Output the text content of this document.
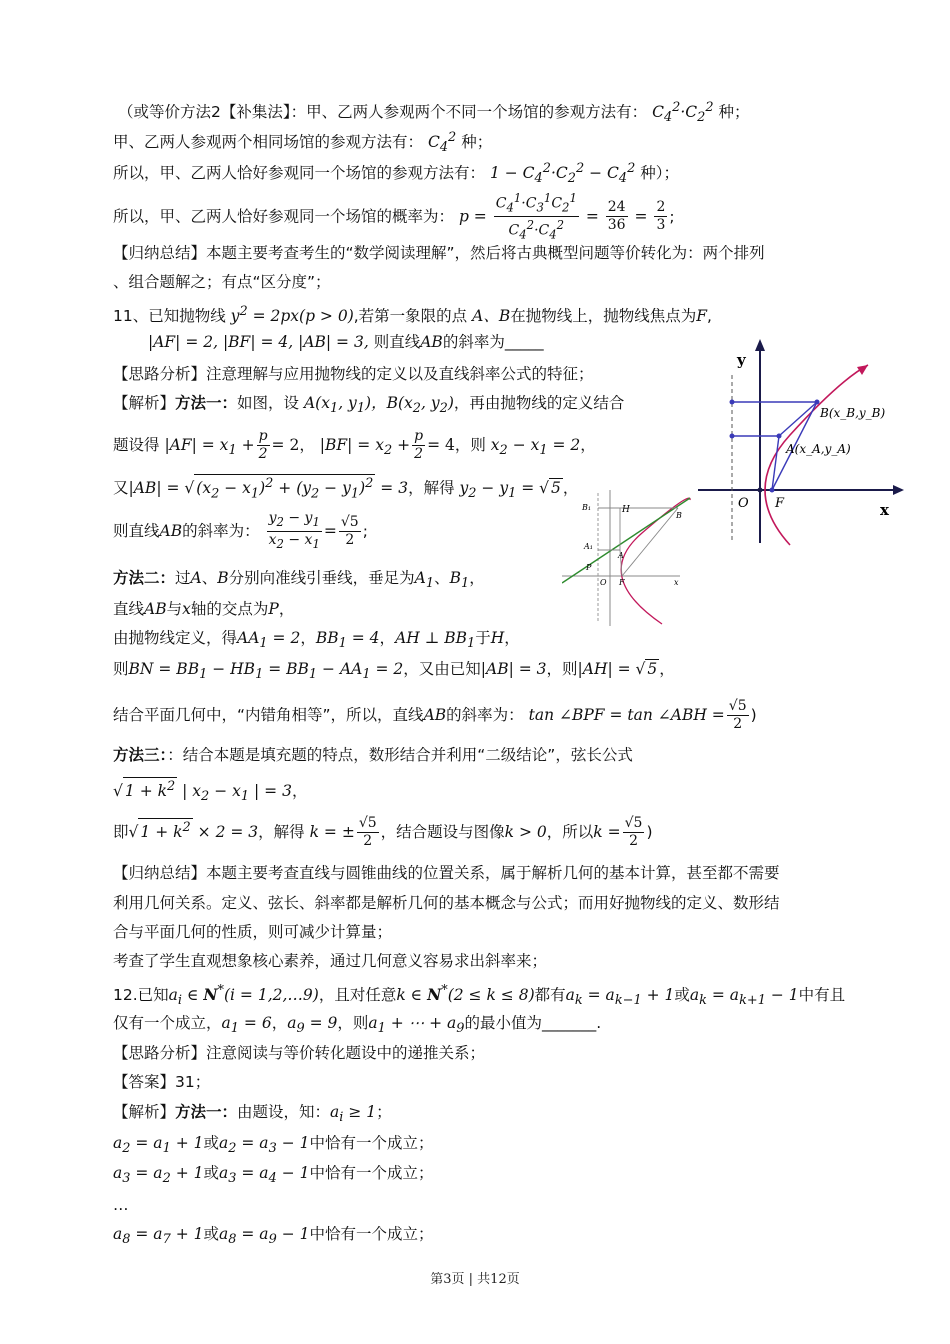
（或等价方法2【补集法】：甲、乙两人参观两个不同一个场馆的参观方法有： $C_4^2\cdot C_2^2$ 种；
甲、乙两人参观两个相同场馆的参观方法有： $C_4^2$ 种；
所以，甲、乙两人恰好参观同一个场馆的参观方法有： $1 - C_4^2\cdot C_2^2 - C_4^2$ 种）；
所以，甲、乙两人恰好参观同一个场馆的概率为： $p = \frac{C_4^1\cdot C_3^1C_2^1}{C_4^2\cdot C_4^2} = \frac{24}{36} = \frac{2}{3}$ ;
【归纳总结】本题主要考查考生的“数学阅读理解”，然后将古典概型问题等价转化为：两个排列
、组合题解之；有点“区分度”；
11、已知抛物线 $y^2 = 2px(p > 0)$,若第一象限的点 A、B在抛物线上，抛物线焦点为F,
|AF| = 2, |BF| = 4, |AB| = 3, 则直线AB的斜率为_____
【思路分析】注意理解与应用抛物线的定义以及直线斜率公式的特征；
【解析】方法一：如图，设 $A(x_1$, $y_1$)，$B(x_2$, $y_2$)，再由抛物线的定义结合
题设得 $|AF| = x_1 + \frac{p}{2} = 2$， $|BF| = x_2 + \frac{p}{2} = 4$，则 $x_2 - x_1 = 2$，
又|AB| = √ $(x_2 - x_1)^2 + (y_2 - y_1)^2 = 3$，解得 $y_2 - y_1$ = √ 5 ，
则直线AB的斜率为： $\frac{y_2 - y_1}{x_2 - x_1} = \frac{√5}{2}$ ;
方法二：过A、B分别向准线引垂线，垂足为$A_1$、$B_1$，
直线AB与x轴的交点为P，
由抛物线定义，得$AA_1 = 2$，$BB_1 = 4$，AH ⊥ $BB_1$于H，
则BN = $BB_1 - HB_1 = BB_1 - AA_1 = 2$，又由已知|AB| = 3，则|AH| = √ 5 ，
结合平面几何中，“内错角相等”，所以，直线AB的斜率为： tan ∠BPF = tan ∠ABH = $\frac{√5}{2}$ )
方法三：：结合本题是填充题的特点，数形结合并利用“二级结论”，弦长公式
√ $1 + k^2$ | $x_2 - x_1$ | = 3，
即√ $1 + k^2 \times 2 = 3$，解得 k = ± $\frac{√5}{2}$ ，结合题设与图像k > 0，所以$k = \frac{√5}{2}$ )
【归纳总结】本题主要考查直线与圆锥曲线的位置关系，属于解析几何的基本计算，甚至都不需要
利用几何关系。定义、弦长、斜率都是解析几何的基本概念与公式；而用好抛物线的定义、数形结
合与平面几何的性质，则可减少计算量；
考查了学生直观想象核心素养，通过几何意义容易求出斜率来；
12.已知$a_i$ ∈ N*(i = 1,2,…9)，且对任意k ∈ N*(2 ≤ k ≤ 8)都有$a_k = a_{k-1} + 1$或$a_k = a_{k+1} - 1$中有且
仅有一个成立，$a_1 = 6$，$a_9 = 9$，则$a_1$ + ⋯ + $a_9$的最小值为_______.
【思路分析】注意阅读与等价转化题设中的递推关系；
【答案】31；
【解析】方法一：由题设，知：$a_i \ge 1$；
$a_2 = a_1 + 1$或$a_2 = a_3 - 1$中恰有一个成立；
$a_3 = a_2 + 1$或$a_3 = a_4 - 1$中恰有一个成立；
…
$a_8 = a_7 + 1$或$a_8 = a_9 - 1$中恰有一个成立；
y
x
O F
B(x_B,y_B)
A(x_A,y_A)
B₁	H
B
A₁
A
P
O F	x
第3页 | 共12页
